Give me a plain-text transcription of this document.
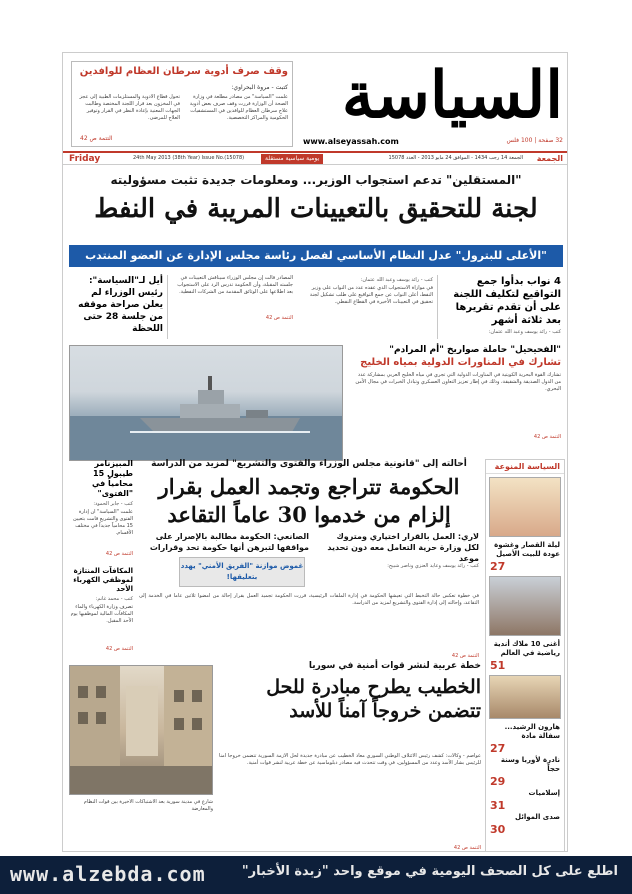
السياسة
www.alseyassah.com	32 صفحة | 100 فلس
وقف صرف أدوية سرطان العظام للوافدين
كتبت - مروة البحراوي:
علمت "السياسة" من مصادر مطلعة في وزارة الصحة أن الوزارة قررت وقف صرف بعض أدوية علاج سرطان العظام للوافدين في المستشفيات الحكومية والمراكز التخصصية.
تحول قطاع الأدوية والمستلزمات الطبية إلى عجز في المخزون بعد قرار اللجنة المختصة وطالبت الجهات المعنية بإعادة النظر في القرار وتوفير العلاج للمرضى.
التتمة ص 42
Friday	24th May 2013 (38th Year) Issue No.(15078)	يومية سياسية مستقلة	الجمعة 14 رجب 1434 - الموافق 24 مايو 2013 - العدد 15078 الجمعة
"المستقلين" تدعم استجواب الوزير... ومعلومات جديدة تثبت مسؤوليته
لجنة للتحقيق بالتعيينات المريبة في النفط
"الأعلى للبترول" عدل النظام الأساسي لفصل رئاسة مجلس الإدارة عن العضو المنتدب
4 نواب بدأوا جمع التواقيع لتكليف اللجنة على أن تقدم تقريرها بعد ثلاثة أشهر
كتب - رائد يوسف وعبد الله عثمان:
كتب - رائد يوسف وعبد الله عثمان:
في موازاة الاستجواب الذي عقده عدد من النواب على وزير النفط، أعلن النواب عن جمع التواقيع على طلب تشكيل لجنة تحقيق في التعيينات الأخيرة في القطاع النفطي.
المصادر قالت إن مجلس الوزراء سيناقش التعيينات في جلسته المقبلة، وأن الحكومة تدرس الرد على الاستجواب بعد اطلاعها على الوثائق المقدمة من الشركات النفطية.
التتمة ص 42
أيل لـ"السياسة": رئيس الوزراء لم يعلن صراحة موقفه من جلسة 28 حتى اللحظة
"الفحيحيل" حاملة صواريخ "أم المرادم"
تشارك في المناورات الدولية بمياه الخليج
تشارك القوة البحرية الكويتية في المناورات الدولية التي تجري في مياه الخليج العربي بمشاركة عدد من الدول الصديقة والشقيقة، وذلك في إطار تعزيز التعاون العسكري وتبادل الخبرات في مجال الأمن البحري.
التتمة ص 42
أحالته إلى "قانونية مجلس الوزراء والفتوى والتشريع" لمزيد من الدراسة
الحكومة تتراجع وتجمد العمل بقرار إلزام من خدموا 30 عاماً التقاعد
لاري: العمل بالقرار اختياري ومتروك لكل وزارة حرية التعامل معه دون تحديد موعد
الصانعي: الحكومة مطالبة بالإصرار على مواقفها لتبرهن أنها حكومة تحد وقرارات
غموض موازنة "الفريق الأمني" يهدد بتعليقها!
كتب - رائد يوسف وعايد العنزي وناصر شبيح:
في خطوة تعكس حالة التخبط التي تعيشها الحكومة في إدارة الملفات الرئيسية، قررت الحكومة تجميد العمل بقرار إحالة من أمضوا ثلاثين عاماً في الخدمة إلى التقاعد، وإحالته إلى إدارة الفتوى والتشريع لمزيد من الدراسة.
التتمة ص 42
المبيزنامر طيبول 15 محامياً في "الفتوى"
كتب - جابر الحمود:
علمت "السياسة" أن إدارة الفتوى والتشريع قامت بتعيين 15 محامياً جديداً في مختلف الأقسام.
التتمة ص 42
المكافآت المنتازة لموظفي الكهرباء الأحد
كتب - محمد غانم:
تصرف وزارة الكهرباء والماء المكافآت المالية لموظفيها يوم الأحد المقبل.
التتمة ص 42
السياسة المنوعة
ليلة القصار وغشوة عودة للبيت الأصيل
27
أغنى 10 ملاك أندية رياضية في العالم
51
هارون الرشيد... سفالة مادة
27
نادرة لأوربا وسنة حجاً
29
إسلاميات
31
صدى الموائل
30
خطة عربية لنشر قوات أمنية في سوريا
الخطيب يطرح مبادرة للحل تتضمن خروجاً آمناً للأسد
عواصم - وكالات: كشف رئيس الائتلاف الوطني السوري معاذ الخطيب عن مبادرة جديدة لحل الأزمة السورية تتضمن خروجاً آمناً للرئيس بشار الأسد وعدد من المسؤولين، في وقت تتحدث فيه مصادر دبلوماسية عن خطة عربية لنشر قوات أمنية.
شارع في مدينة سورية بعد الاشتباكات الأخيرة بين قوات النظام والمعارضة
التتمة ص 42
www.alzebda.com	اطلع على كل الصحف اليومية في موقع واحد "زبدة الأخبار"
